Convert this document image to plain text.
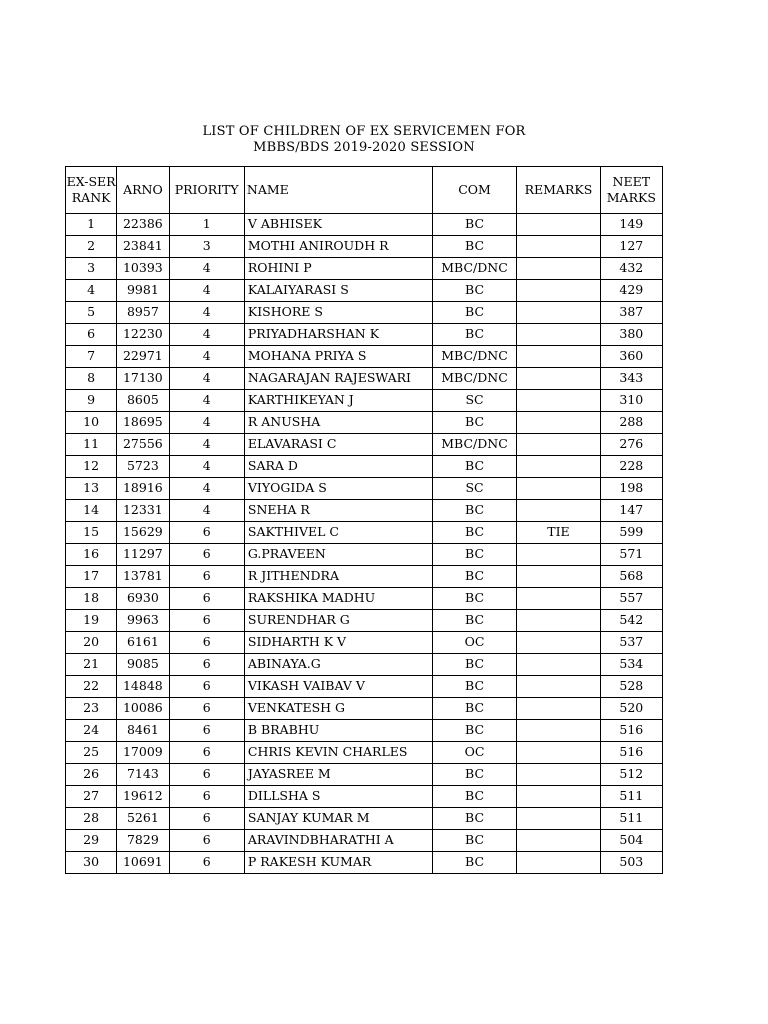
LIST OF CHILDREN OF EX SERVICEMEN FOR
MBBS/BDS 2019-2020 SESSION
EX-SER RANK	ARNO	PRIORITY	NAME	COM	REMARKS	NEET MARKS
1	22386	1	V ABHISEK	BC		149
2	23841	3	MOTHI ANIROUDH R	BC		127
3	10393	4	ROHINI P	MBC/DNC		432
4	9981	4	KALAIYARASI S	BC		429
5	8957	4	KISHORE S	BC		387
6	12230	4	PRIYADHARSHAN K	BC		380
7	22971	4	MOHANA PRIYA S	MBC/DNC		360
8	17130	4	NAGARAJAN RAJESWARI	MBC/DNC		343
9	8605	4	KARTHIKEYAN J	SC		310
10	18695	4	R ANUSHA	BC		288
11	27556	4	ELAVARASI C	MBC/DNC		276
12	5723	4	SARA D	BC		228
13	18916	4	VIYOGIDA S	SC		198
14	12331	4	SNEHA R	BC		147
15	15629	6	SAKTHIVEL C	BC	TIE	599
16	11297	6	G.PRAVEEN	BC		571
17	13781	6	R JITHENDRA	BC		568
18	6930	6	RAKSHIKA MADHU	BC		557
19	9963	6	SURENDHAR G	BC		542
20	6161	6	SIDHARTH K V	OC		537
21	9085	6	ABINAYA.G	BC		534
22	14848	6	VIKASH VAIBAV V	BC		528
23	10086	6	VENKATESH G	BC		520
24	8461	6	B BRABHU	BC		516
25	17009	6	CHRIS KEVIN CHARLES	OC		516
26	7143	6	JAYASREE M	BC		512
27	19612	6	DILLSHA S	BC		511
28	5261	6	SANJAY KUMAR M	BC		511
29	7829	6	ARAVINDBHARATHI A	BC		504
30	10691	6	P RAKESH KUMAR	BC		503
